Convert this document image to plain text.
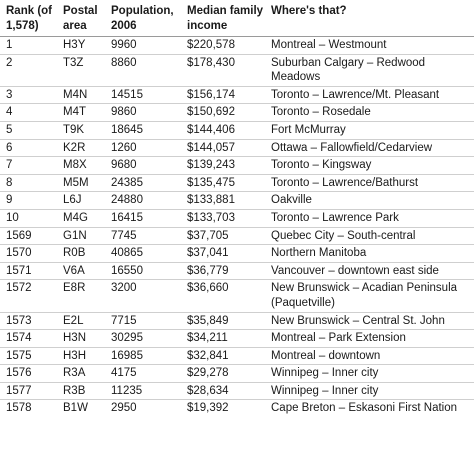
Rank (of 1,578)	Postal area	Population, 2006	Median family income	Where's that?
1	H3Y	9960	$220,578	Montreal – Westmount
2	T3Z	8860	$178,430	Suburban Calgary – Redwood Meadows
3	M4N	14515	$156,174	Toronto – Lawrence/Mt. Pleasant
4	M4T	9860	$150,692	Toronto – Rosedale
5	T9K	18645	$144,406	Fort McMurray
6	K2R	1260	$144,057	Ottawa – Fallowfield/Cedarview
7	M8X	9680	$139,243	Toronto – Kingsway
8	M5M	24385	$135,475	Toronto – Lawrence/Bathurst
9	L6J	24880	$133,881	Oakville
10	M4G	16415	$133,703	Toronto – Lawrence Park
1569	G1N	7745	$37,705	Quebec City – South-central
1570	R0B	40865	$37,041	Northern Manitoba
1571	V6A	16550	$36,779	Vancouver – downtown east side
1572	E8R	3200	$36,660	New Brunswick – Acadian Peninsula (Paquetville)
1573	E2L	7715	$35,849	New Brunswick – Central St. John
1574	H3N	30295	$34,211	Montreal – Park Extension
1575	H3H	16985	$32,841	Montreal – downtown
1576	R3A	4175	$29,278	Winnipeg – Inner city
1577	R3B	11235	$28,634	Winnipeg – Inner city
1578	B1W	2950	$19,392	Cape Breton – Eskasoni First Nation
